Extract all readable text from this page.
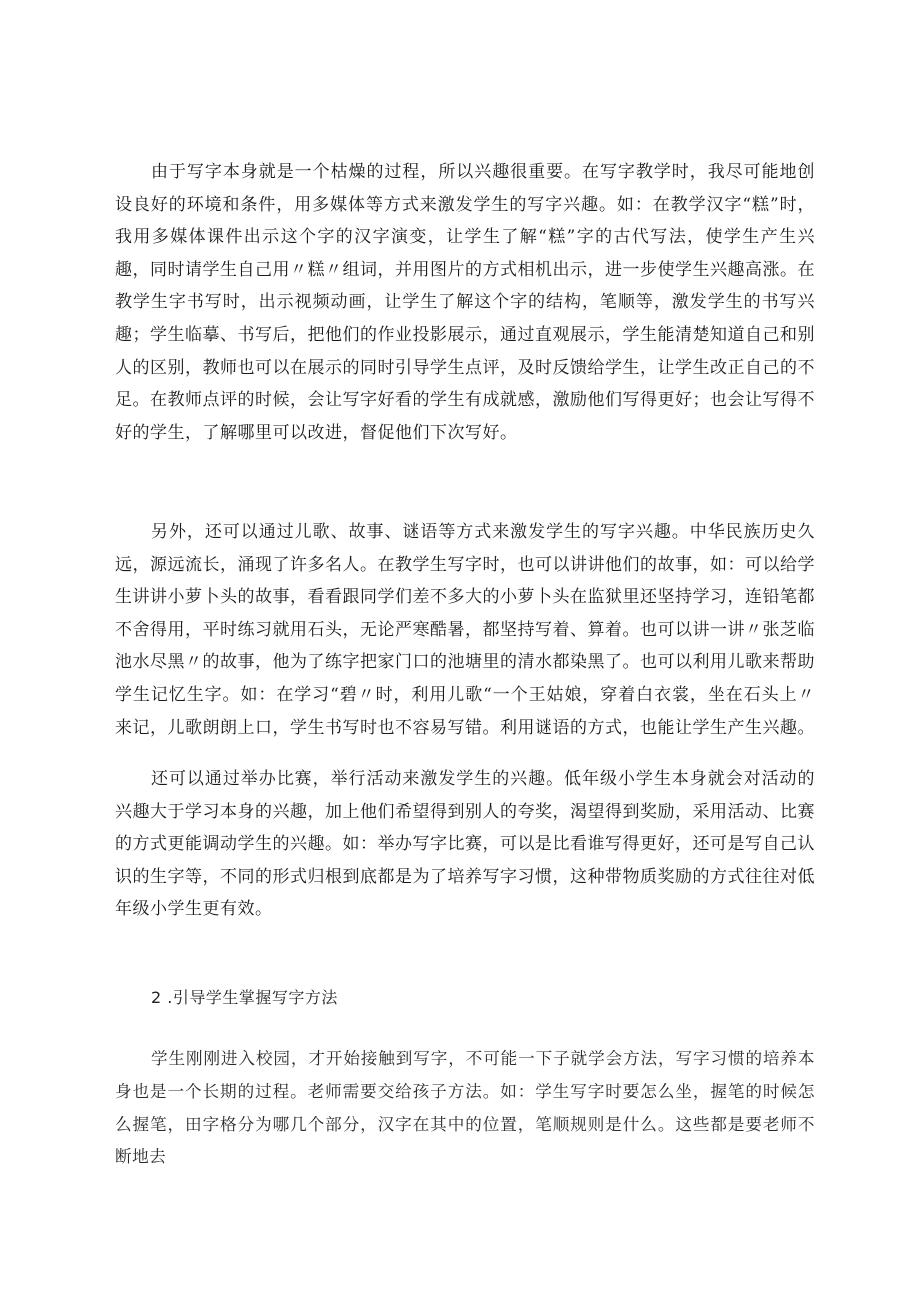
由于写字本身就是一个枯燥的过程，所以兴趣很重要。在写字教学时，我尽可能地创设良好的环境和条件，用多媒体等方式来激发学生的写字兴趣。如：在教学汉字“糕”时，我用多媒体课件出示这个字的汉字演变，让学生了解“糕”字的古代写法，使学生产生兴趣，同时请学生自己用〃糕〃组词，并用图片的方式相机出示，进一步使学生兴趣高涨。在教学生字书写时，出示视频动画，让学生了解这个字的结构，笔顺等，激发学生的书写兴趣；学生临摹、书写后，把他们的作业投影展示，通过直观展示，学生能清楚知道自己和别人的区别，教师也可以在展示的同时引导学生点评，及时反馈给学生，让学生改正自己的不足。在教师点评的时候，会让写字好看的学生有成就感，激励他们写得更好；也会让写得不好的学生，了解哪里可以改进，督促他们下次写好。

另外，还可以通过儿歌、故事、谜语等方式来激发学生的写字兴趣。中华民族历史久远，源远流长，涌现了许多名人。在教学生写字时，也可以讲讲他们的故事，如：可以给学生讲讲小萝卜头的故事，看看跟同学们差不多大的小萝卜头在监狱里还坚持学习，连铅笔都不舍得用，平时练习就用石头，无论严寒酷暑，都坚持写着、算着。也可以讲一讲〃张芝临池水尽黑〃的故事，他为了练字把家门口的池塘里的清水都染黑了。也可以利用儿歌来帮助学生记忆生字。如：在学习“碧〃时，利用儿歌“一个王姑娘，穿着白衣裳，坐在石头上〃来记，儿歌朗朗上口，学生书写时也不容易写错。利用谜语的方式，也能让学生产生兴趣。

还可以通过举办比赛，举行活动来激发学生的兴趣。低年级小学生本身就会对活动的兴趣大于学习本身的兴趣，加上他们希望得到别人的夸奖，渴望得到奖励，采用活动、比赛的方式更能调动学生的兴趣。如：举办写字比赛，可以是比看谁写得更好，还可是写自己认识的生字等，不同的形式归根到底都是为了培养写字习惯，这种带物质奖励的方式往往对低年级小学生更有效。

2 .引导学生掌握写字方法

学生刚刚进入校园，才开始接触到写字，不可能一下子就学会方法，写字习惯的培养本身也是一个长期的过程。老师需要交给孩子方法。如：学生写字时要怎么坐，握笔的时候怎么握笔，田字格分为哪几个部分，汉字在其中的位置，笔顺规则是什么。这些都是要老师不断地去
